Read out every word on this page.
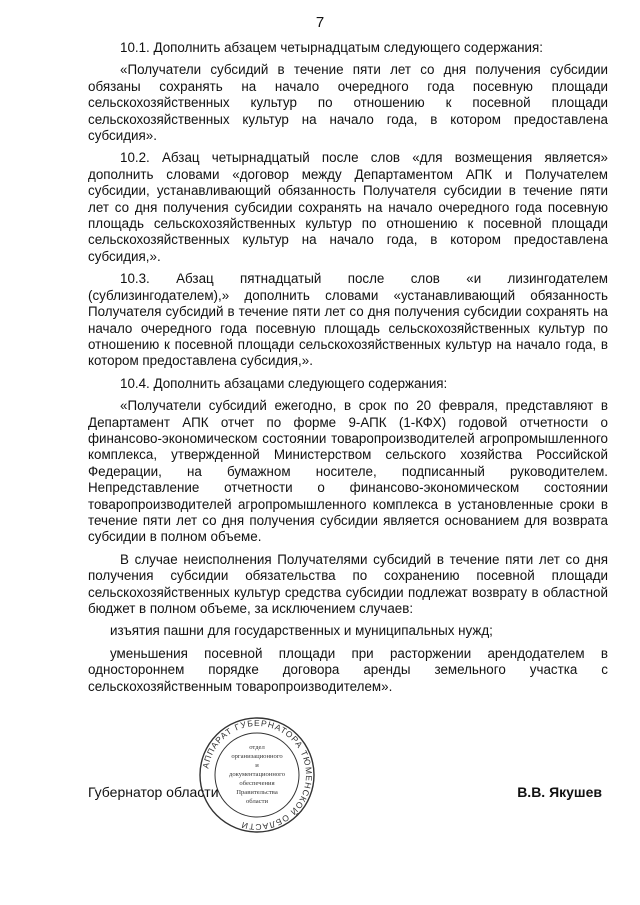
7

10.1. Дополнить абзацем четырнадцатым следующего содержания:

«Получатели субсидий в течение пяти лет со дня получения субсидии обязаны сохранять на начало очередного года посевную площади сельскохозяйственных культур по отношению к посевной площади сельскохозяйственных культур на начало года, в котором предоставлена субсидия».

10.2. Абзац четырнадцатый после слов «для возмещения является» дополнить словами «договор между Департаментом АПК и Получателем субсидии, устанавливающий обязанность Получателя субсидии в течение пяти лет со дня получения субсидии сохранять на начало очередного года посевную площадь сельскохозяйственных культур по отношению к посевной площади сельскохозяйственных культур на начало года, в котором предоставлена субсидия,».

10.3. Абзац пятнадцатый после слов «и лизингодателем (сублизингодателем),» дополнить словами «устанавливающий обязанность Получателя субсидий в течение пяти лет со дня получения субсидии сохранять на начало очередного года посевную площадь сельскохозяйственных культур по отношению к посевной площади сельскохозяйственных культур на начало года, в котором предоставлена субсидия,».

10.4. Дополнить абзацами следующего содержания:

«Получатели субсидий ежегодно, в срок по 20 февраля, представляют в Департамент АПК отчет по форме 9-АПК (1-КФХ) годовой отчетности о финансово-экономическом состоянии товаропроизводителей агропромышленного комплекса, утвержденной Министерством сельского хозяйства Российской Федерации, на бумажном носителе, подписанный руководителем. Непредставление отчетности о финансово-экономическом состоянии товаропроизводителей агропромышленного комплекса в установленные сроки в течение пяти лет со дня получения субсидии является основанием для возврата субсидии в полном объеме.

В случае неисполнения Получателями субсидий в течение пяти лет со дня получения субсидии обязательства по сохранению посевной площади сельскохозяйственных культур средства субсидии подлежат возврату в областной бюджет в полном объеме, за исключением случаев:

изъятия пашни для государственных и муниципальных нужд;

уменьшения посевной площади при расторжении арендодателем в одностороннем порядке договора аренды земельного участка с сельскохозяйственным товаропроизводителем».

АППАРАТ ГУБЕРНАТОРА ТЮМЕНСКОЙ ОБЛАСТИ
отдел
организационного
и
документационного
обеспечения
Правительства
области
Губернатор области	В.В. Якушев
